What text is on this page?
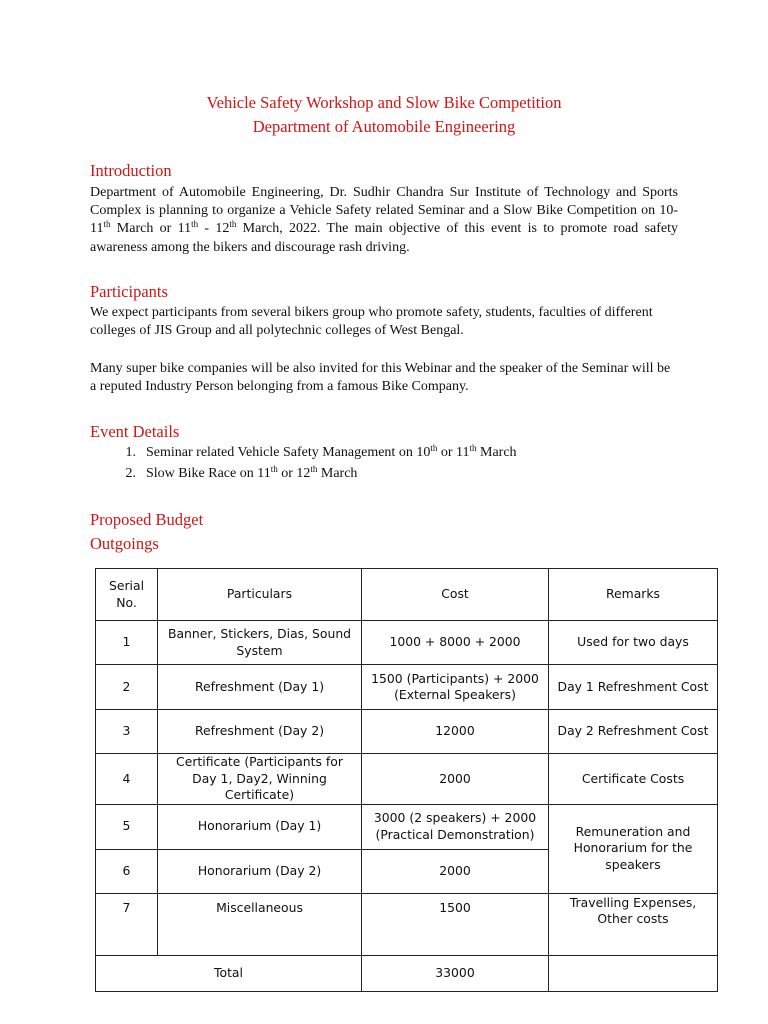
Vehicle Safety Workshop and Slow Bike Competition
Department of Automobile Engineering
Introduction
Department of Automobile Engineering, Dr. Sudhir Chandra Sur Institute of Technology and Sports Complex is planning to organize a Vehicle Safety related Seminar and a Slow Bike Competition on 10-11th March or 11th - 12th March, 2022. The main objective of this event is to promote road safety awareness among the bikers and discourage rash driving.
Participants
We expect participants from several bikers group who promote safety, students, faculties of different colleges of JIS Group and all polytechnic colleges of West Bengal.
Many super bike companies will be also invited for this Webinar and the speaker of the Seminar will be a reputed Industry Person belonging from a famous Bike Company.
Event Details
1. Seminar related Vehicle Safety Management on 10th or 11th March
2. Slow Bike Race on 11th or 12th March
Proposed Budget
Outgoings
Serial No.	Particulars	Cost	Remarks
1	Banner, Stickers, Dias, Sound System	1000 + 8000 + 2000	Used for two days
2	Refreshment (Day 1)	1500 (Participants) + 2000 (External Speakers)	Day 1 Refreshment Cost
3	Refreshment (Day 2)	12000	Day 2 Refreshment Cost
4	Certificate (Participants for Day 1, Day2, Winning Certificate)	2000	Certificate Costs
5	Honorarium (Day 1)	3000 (2 speakers) + 2000 (Practical Demonstration)	Remuneration and Honorarium for the speakers
6	Honorarium (Day 2)	2000	
7	Miscellaneous	1500	Travelling Expenses, Other costs
Total		33000	
